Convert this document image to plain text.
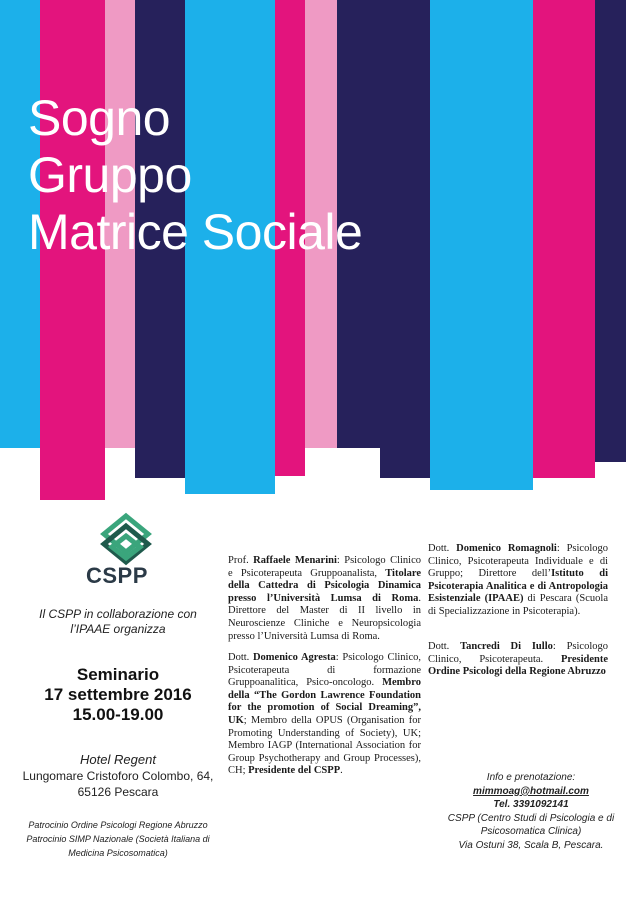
Sogno
Gruppo
Matrice Sociale
CSPP
Il CSPP in collaborazione con l’IPAAE organizza
Seminario
17 settembre 2016
15.00-19.00
Hotel Regent
Lungomare Cristoforo Colombo, 64,
65126 Pescara
Patrocinio Ordine Psicologi Regione Abruzzo
Patrocinio SIMP Nazionale (Società Italiana di
Medicina Psicosomatica)
Prof. Raffaele Menarini: Psicologo Clinico e Psicoterapeuta Gruppoanalista, Titolare della Cattedra di Psicologia Dinamica presso l’Università Lumsa di Roma. Direttore del Master di II livello in Neuroscienze Cliniche e Neuropsicologia presso l’Università Lumsa di Roma.
Dott. Domenico Agresta: Psicologo Clinico, Psicoterapeuta di formazione Gruppoanalitica, Psico-oncologo. Membro della “The Gordon Lawrence Foundation for the promotion of Social Dreaming”, UK; Membro della OPUS (Organisation for Promoting Understanding of Society), UK; Membro IAGP (International Association for Group Psychotherapy and Group Processes), CH; Presidente del CSPP.
Dott. Domenico Romagnoli: Psicologo Clinico, Psicoterapeuta Individuale e di Gruppo; Direttore dell’Istituto di Psicoterapia Analitica e di Antropologia Esistenziale (IPAAE) di Pescara (Scuola di Specializzazione in Psicoterapia).
Dott. Tancredi Di Iullo: Psicologo Clinico, Psicoterapeuta. Presidente Ordine Psicologi della Regione Abruzzo
Info e prenotazione:
mimmoag@hotmail.com
Tel. 3391092141
CSPP (Centro Studi di Psicologia e di
Psicosomatica Clinica)
Via Ostuni 38, Scala B, Pescara.
